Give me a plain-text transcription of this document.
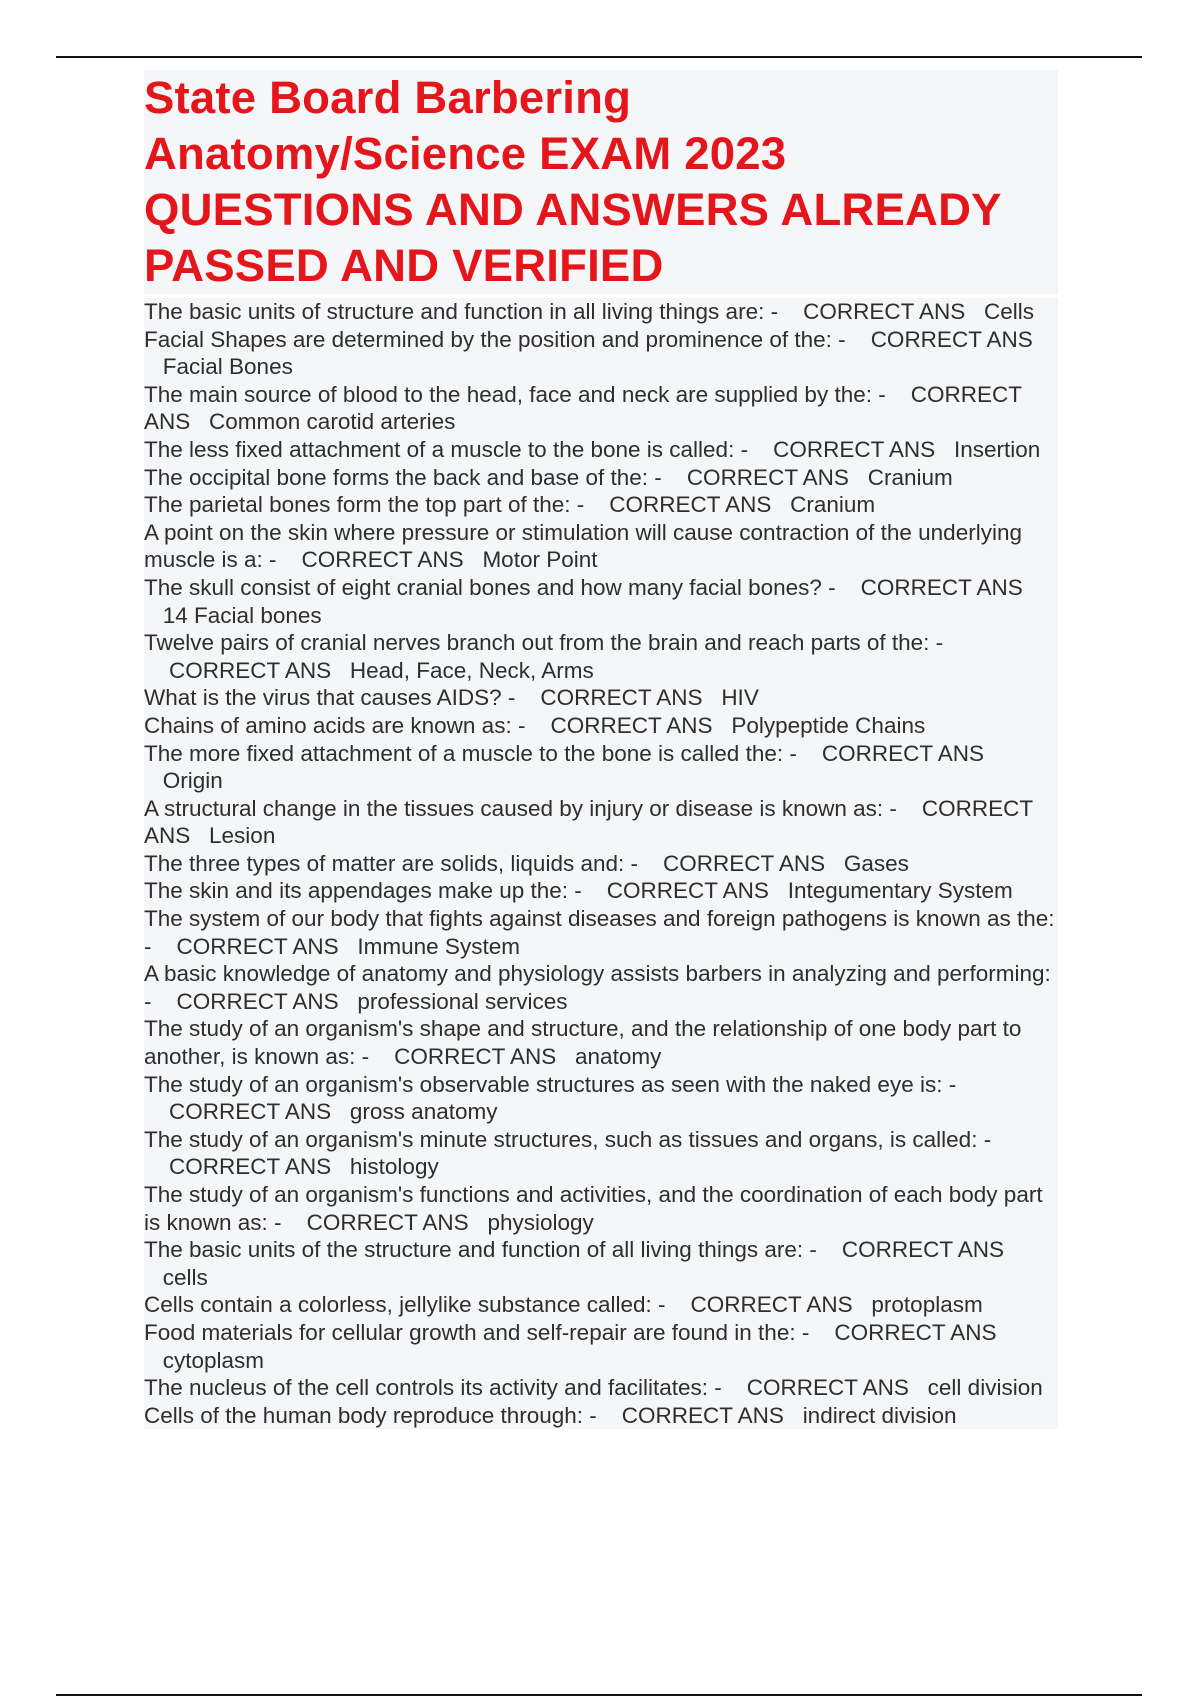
State Board Barbering
Anatomy/Science EXAM 2023
QUESTIONS AND ANSWERS ALREADY
PASSED AND VERIFIED
The basic units of structure and function in all living things are: - CORRECT ANS Cells
Facial Shapes are determined by the position and prominence of the: - CORRECT ANS   Facial Bones
The main source of blood to the head, face and neck are supplied by the: - CORRECT ANS Common carotid arteries
The less fixed attachment of a muscle to the bone is called: - CORRECT ANS Insertion
The occipital bone forms the back and base of the: - CORRECT ANS Cranium
The parietal bones form the top part of the: - CORRECT ANS Cranium
A point on the skin where pressure or stimulation will cause contraction of the underlying muscle is a: - CORRECT ANS Motor Point
The skull consist of eight cranial bones and how many facial bones? - CORRECT ANS   14 Facial bones
Twelve pairs of cranial nerves branch out from the brain and reach parts of the: -    CORRECT ANS Head, Face, Neck, Arms
What is the virus that causes AIDS? - CORRECT ANS HIV
Chains of amino acids are known as: - CORRECT ANS Polypeptide Chains
The more fixed attachment of a muscle to the bone is called the: - CORRECT ANS   Origin
A structural change in the tissues caused by injury or disease is known as: - CORRECT ANS Lesion
The three types of matter are solids, liquids and: - CORRECT ANS Gases
The skin and its appendages make up the: - CORRECT ANS Integumentary System
The system of our body that fights against diseases and foreign pathogens is known as the: - CORRECT ANS Immune System
A basic knowledge of anatomy and physiology assists barbers in analyzing and performing: - CORRECT ANS professional services
The study of an organism's shape and structure, and the relationship of one body part to another, is known as: - CORRECT ANS anatomy
The study of an organism's observable structures as seen with the naked eye is: -    CORRECT ANS gross anatomy
The study of an organism's minute structures, such as tissues and organs, is called: -    CORRECT ANS histology
The study of an organism's functions and activities, and the coordination of each body part is known as: - CORRECT ANS physiology
The basic units of the structure and function of all living things are: - CORRECT ANS   cells
Cells contain a colorless, jellylike substance called: - CORRECT ANS protoplasm
Food materials for cellular growth and self-repair are found in the: - CORRECT ANS   cytoplasm
The nucleus of the cell controls its activity and facilitates: - CORRECT ANS cell division
Cells of the human body reproduce through: - CORRECT ANS indirect division
